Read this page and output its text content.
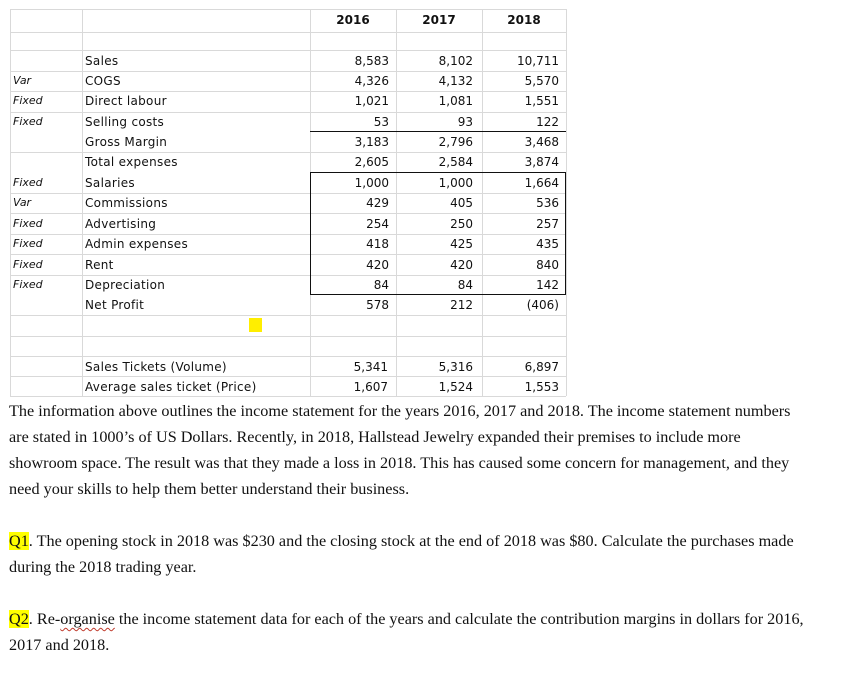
2016	2017	2018
Sales	8,583	8,102	10,711
Var	COGS	4,326	4,132	5,570
Fixed	Direct labour	1,021	1,081	1,551
Fixed	Selling costs	53	93	122
Gross Margin	3,183	2,796	3,468
Total expenses	2,605	2,584	3,874
Fixed	Salaries	1,000	1,000	1,664
Var	Commissions	429	405	536
Fixed	Advertising	254	250	257
Fixed	Admin expenses	418	425	435
Fixed	Rent	420	420	840
Fixed	Depreciation	84	84	142
Net Profit	578	212	(406)
Sales Tickets (Volume)	5,341	5,316	6,897
Average sales ticket (Price)	1,607	1,524	1,553

The information above outlines the income statement for the years 2016, 2017 and 2018. The income statement numbers are stated in 1000’s of US Dollars. Recently, in 2018, Hallstead Jewelry expanded their premises to include more showroom space. The result was that they made a loss in 2018. This has caused some concern for management, and they need your skills to help them better understand their business.

Q1. The opening stock in 2018 was $230 and the closing stock at the end of 2018 was $80. Calculate the purchases made during the 2018 trading year.

Q2. Re-organise the income statement data for each of the years and calculate the contribution margins in dollars for 2016, 2017 and 2018.
